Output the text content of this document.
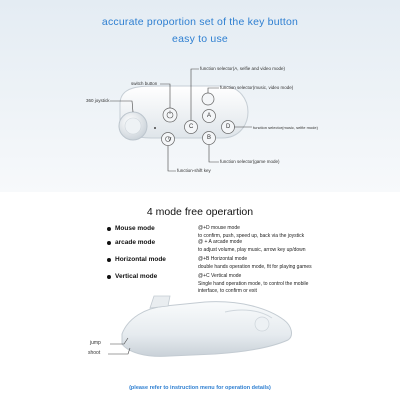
accurate proportion set of the key button
easy to use
V
C
A
D
B
switch button
360 joystick
function-shift key
function selector(A, selfie and video mode)
function selector(music, video mode)
function selector(music, selfie mode)
function selector(game mode)
4 mode free operartion
Mouse mode	@+D mouse mode
to confirm, push, speed up, back via the joystick
arcade mode	@ + A arcade mode
to adjust volume, play music, arrow key up/down
Horizontal mode	@+B Horizontal mode
double hands operation mode, fit for playing games
Vertical mode	@+C Vertical mode
Single hand operation mode, to control the mobile
interface, to confirm or exit
jump
shoot
(please refer to instruction menu for operation details)
